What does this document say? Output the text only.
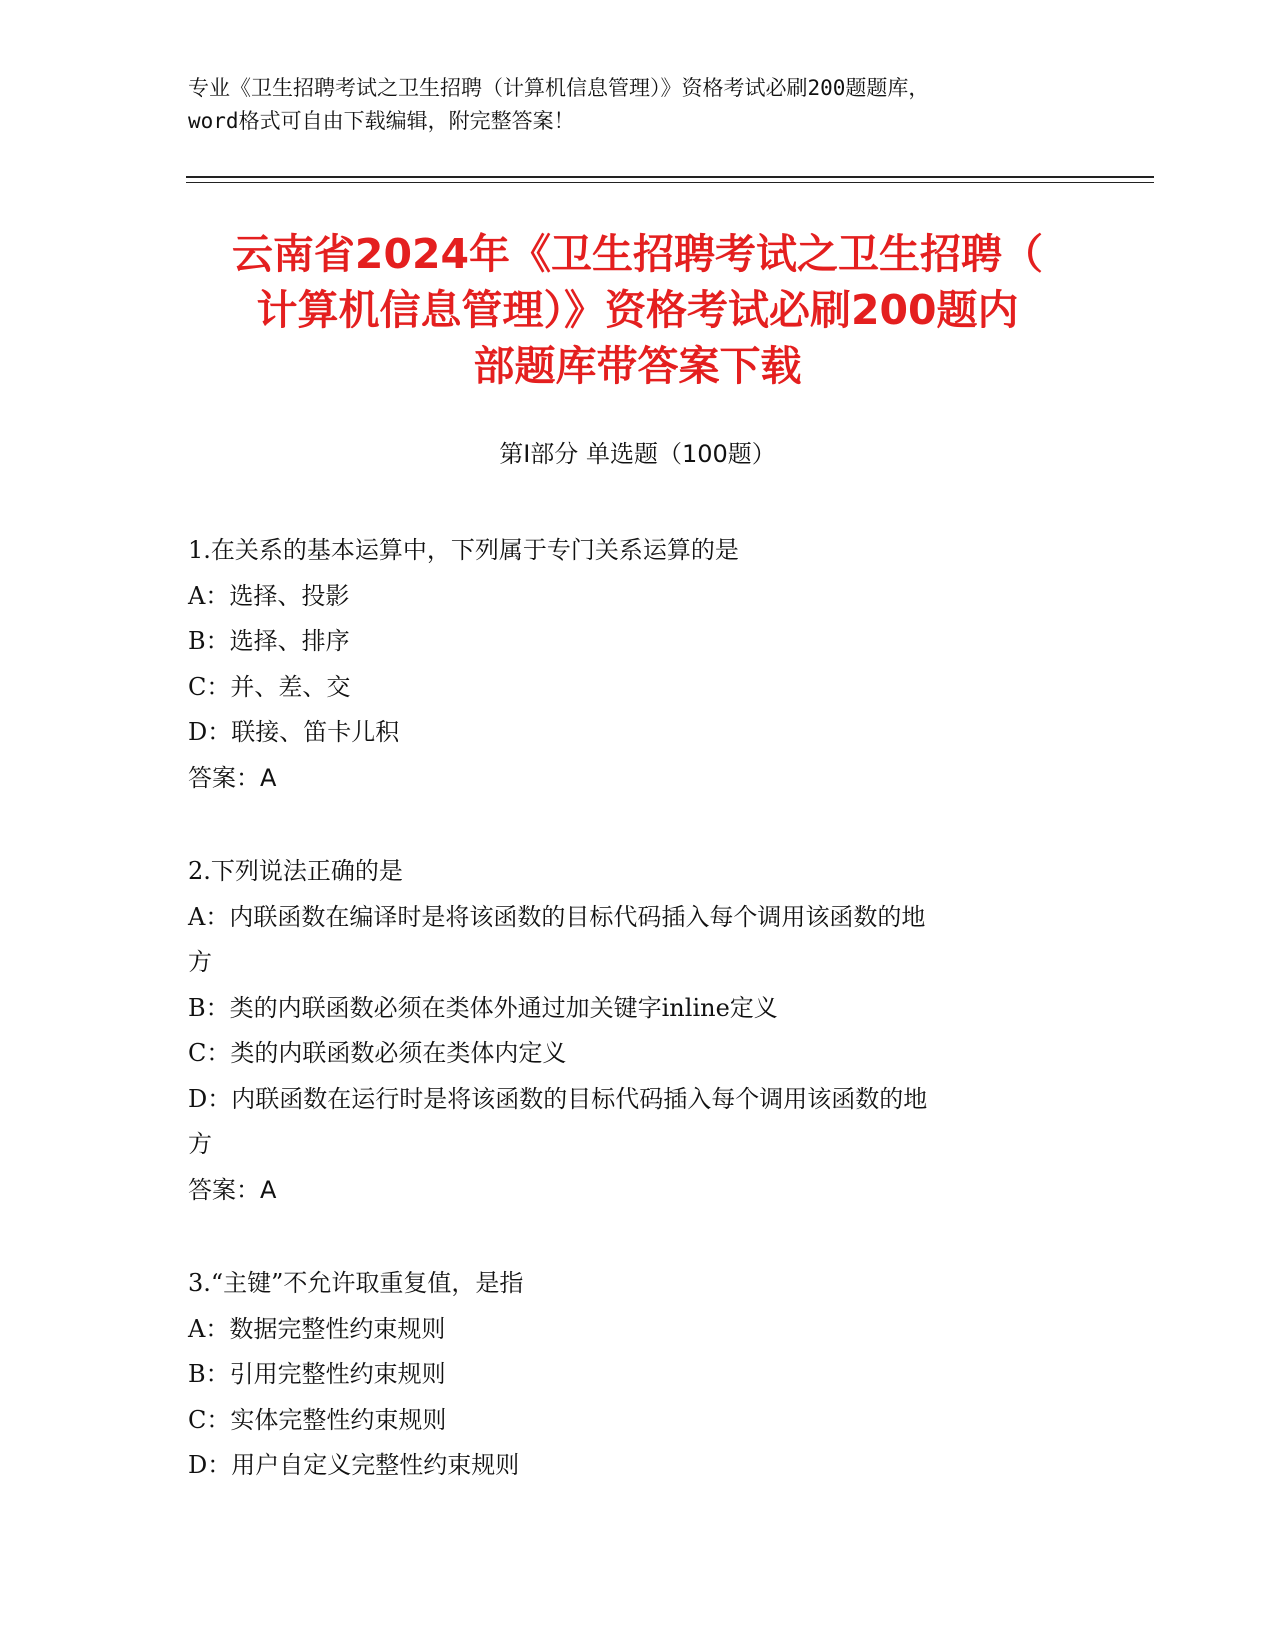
专业《卫生招聘考试之卫生招聘（计算机信息管理）》资格考试必刷200题题库，
word格式可自由下载编辑，附完整答案！
云南省2024年《卫生招聘考试之卫生招聘（
计算机信息管理）》资格考试必刷200题内
部题库带答案下载
第Ⅰ部分 单选题（100题）

1.在关系的基本运算中，下列属于专门关系运算的是

A：选择、投影

B：选择、排序

C：并、差、交

D：联接、笛卡儿积

答案：A

2.下列说法正确的是

A：内联函数在编译时是将该函数的目标代码插入每个调用该函数的地

方

B：类的内联函数必须在类体外通过加关键字inline定义

C：类的内联函数必须在类体内定义

D：内联函数在运行时是将该函数的目标代码插入每个调用该函数的地

方

答案：A

3.“主键”不允许取重复值，是指

A：数据完整性约束规则

B：引用完整性约束规则

C：实体完整性约束规则

D：用户自定义完整性约束规则
